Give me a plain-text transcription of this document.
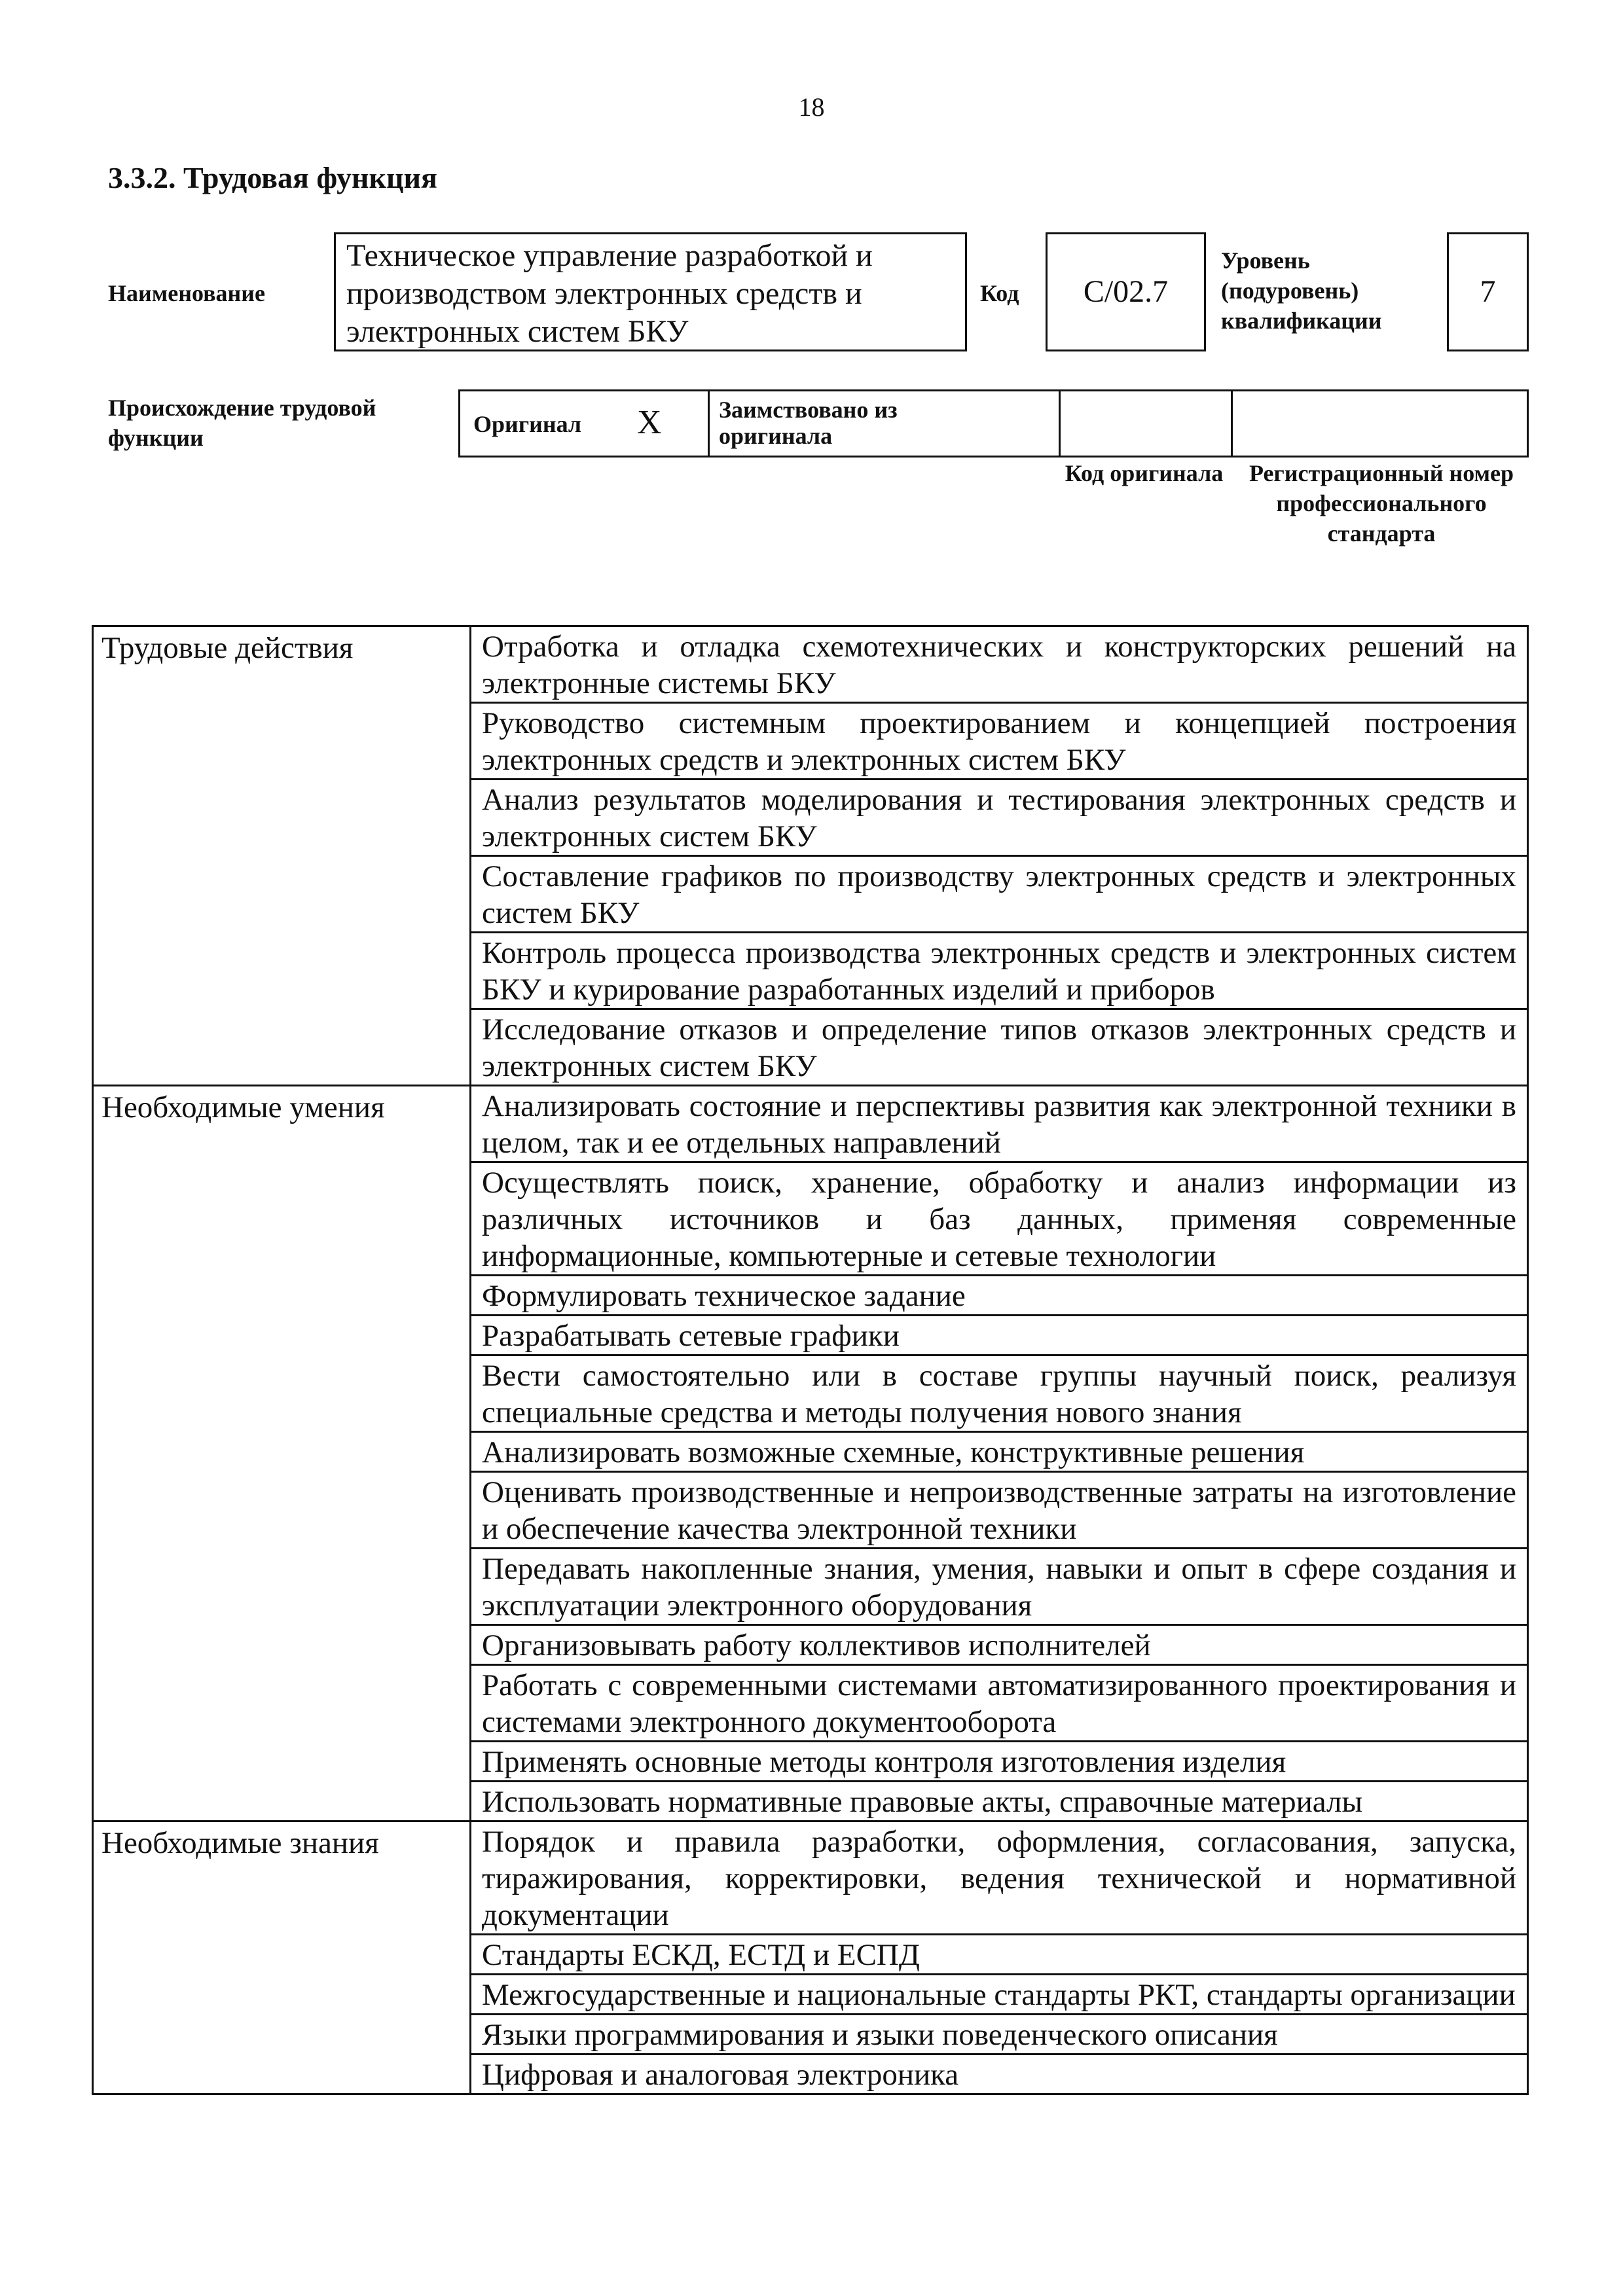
18
3.3.2. Трудовая функция
Наименование
Техническое управление разработкой и производством электронных средств и электронных систем БКУ
Код	C/02.7
Уровень (подуровень) квалификации
7
Происхождение трудовой функции
Оригинал X Заимствовано из оригинала
Код оригинала	Регистрационный номер профессионального стандарта
Трудовые действия	Отработка и отладка схемотехнических и конструкторских решений на электронные системы БКУ
	Руководство системным проектированием и концепцией построения электронных средств и электронных систем БКУ
	Анализ результатов моделирования и тестирования электронных средств и электронных систем БКУ
	Составление графиков по производству электронных средств и электронных систем БКУ
	Контроль процесса производства электронных средств и электронных систем БКУ и курирование разработанных изделий и приборов
	Исследование отказов и определение типов отказов электронных средств и электронных систем БКУ
Необходимые умения	Анализировать состояние и перспективы развития как электронной техники в целом, так и ее отдельных направлений
	Осуществлять поиск, хранение, обработку и анализ информации из различных источников и баз данных, применяя современные информационные, компьютерные и сетевые технологии
	Формулировать техническое задание
	Разрабатывать сетевые графики
	Вести самостоятельно или в составе группы научный поиск, реализуя специальные средства и методы получения нового знания
	Анализировать возможные схемные, конструктивные решения
	Оценивать производственные и непроизводственные затраты на изготовление и обеспечение качества электронной техники
	Передавать накопленные знания, умения, навыки и опыт в сфере создания и эксплуатации электронного оборудования
	Организовывать работу коллективов исполнителей
	Работать с современными системами автоматизированного проектирования и системами электронного документооборота
	Применять основные методы контроля изготовления изделия
	Использовать нормативные правовые акты, справочные материалы
Необходимые знания	Порядок и правила разработки, оформления, согласования, запуска, тиражирования, корректировки, ведения технической и нормативной документации
	Стандарты ЕСКД, ЕСТД и ЕСПД
	Межгосударственные и национальные стандарты РКТ, стандарты организации
	Языки программирования и языки поведенческого описания
	Цифровая и аналоговая электроника
